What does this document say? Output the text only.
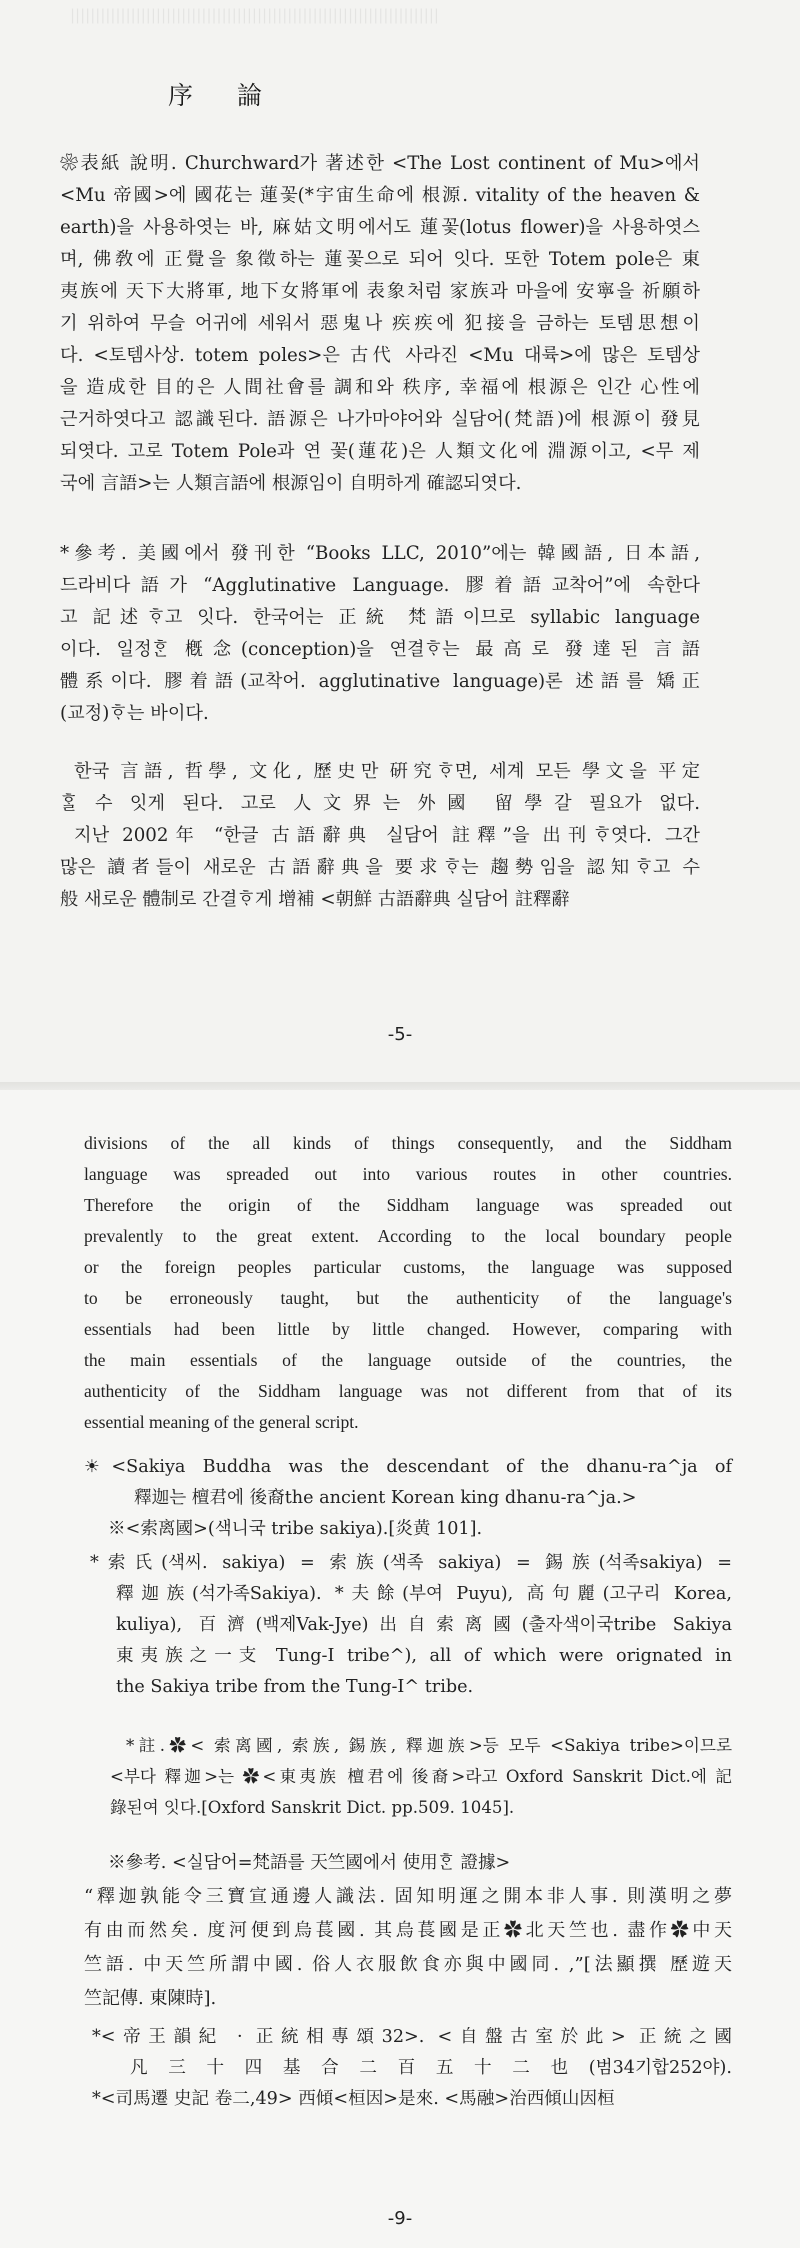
|||||||||||||||||||||||||||||||||||||||||||||||||||||||||||||||||||||||||
序 論
❀表紙 說明. Churchward가 著述한 <The Lost continent of Mu>에서
<Mu 帝國>에 國花는 蓮꽃(*宇宙生命에 根源. vitality of the heaven &
earth)을 사용하엿는 바, 麻姑文明에서도 蓮꽃(lotus flower)을 사용하엿스
며, 佛敎에 正覺을 象徵하는 蓮꽃으로 되어 잇다. 또한 Totem pole은 東
夷族에 天下大將軍, 地下女將軍에 表象처럼 家族과 마을에 安寧을 祈願하
기 위하여 무슬 어귀에 세워서 惡鬼나 疾疾에 犯接을 금하는 토템思想이
다. <토템사상. totem poles>은 古代 사라진 <Mu 대륙>에 많은 토템상
을 造成한 目的은 人間社會를 調和와 秩序, 幸福에 根源은 인간 心性에
근거하엿다고 認識된다. 語源은 나가마야어와 실담어(梵語)에 根源이 發見
되엿다. 고로 Totem Pole과 연 꽃(蓮花)은 人類文化에 淵源이고, <무 제
국에 言語>는 人類言語에 根源임이 自明하게 確認되엿다.
*參考. 美國에서 發刊한 “Books LLC, 2010”에는 韓國語, 日本語,
드라비다語가 “Agglutinative Language. 膠着語교착어”에 속한다
고 記述ᄒᆞ고 잇다. 한국어는 正統 梵語이므로 syllabic language
이다. 일정ᄒᆞᆫ 槪念(conception)을 연결ᄒᆞ는 最高로 發達된 言語
體系이다. 膠着語(교착어. agglutinative language)론 述語를 矯正
(교정)ᄒᆞ는 바이다.
한국 言語, 哲學, 文化, 歷史만 硏究ᄒᆞ면, 세계 모든 學文을 平定
ᄒᆞᆯ 수 잇게 된다. 고로 人文界는 外國 留學갈 필요가 없다.
지난 2002年 “한글 古語辭典 실담어 註釋”을 出刊ᄒᆞ엿다. 그간
많은 讀者들이 새로운 古語辭典을 要求ᄒᆞ는 趨勢임을 認知ᄒᆞ고 수
般 새로운 體制로 간결ᄒᆞ게 增補 <朝鮮 古語辭典 실담어 註釋辭
-5-
divisions of the all kinds of things consequently, and the Siddham
language was spreaded out into various routes in other countries.
Therefore the origin of the Siddham language was spreaded out
prevalently to the great extent. According to the local boundary people
or the foreign peoples particular customs, the language was supposed
to be erroneously taught, but the authenticity of the language's
essentials had been little by little changed. However, comparing with
the main essentials of the language outside of the countries, the
authenticity of the Siddham language was not different from that of its
essential meaning of the general script.
☀<Sakiya Buddha was the descendant of the dhanu-ra^ja of
釋迦는 檀君에 後裔the ancient Korean king dhanu-ra^ja.>
※<索离國>(색니국 tribe sakiya).[炎黄 101].
*索氏(색씨. sakiya) = 索族(색족 sakiya) = 錫族(석족sakiya) =
釋迦族(석가족Sakiya). *夫餘(부여 Puyu), 高句麗(고구리 Korea,
kuliya), 百濟(백제Vak-Jye)出自索离國(출자색이국tribe Sakiya
東夷族之一支 Tung-I tribe^), all of which were orignated in
the Sakiya tribe from the Tung-I^ tribe.
*註.✿< 索离國, 索族, 錫族, 釋迦族>등 모두 <Sakiya tribe>이므로
<부다 釋迦>는 ✿<東夷族 檀君에 後裔>라고 Oxford Sanskrit Dict.에 記
錄된여 잇다.[Oxford Sanskrit Dict. pp.509. 1045].
※參考. <실담어=梵語를 天竺國에서 使用ᄒᆞᆫ 證據>
“釋迦孰能令三寶宣通邊人識法. 固知明運之開本非人事. 則漢明之夢
有由而然矣. 度河便到烏萇國. 其烏萇國是正✿北天竺也. 盡作✿中天
竺語. 中天竺所謂中國. 俗人衣服飲食亦與中國同. ,”[法顯撰 歷遊天
竺記傳. 東陳時].
*<帝王韻紀 · 正統相專頌32>. <自盤古室於此> 正統之國
凡三十四基合二百五十二也(범34기합252야).
*<司馬遷 史記 卷二,49> 西傾<桓因>是來. <馬融>治西傾山因桓
-9-
